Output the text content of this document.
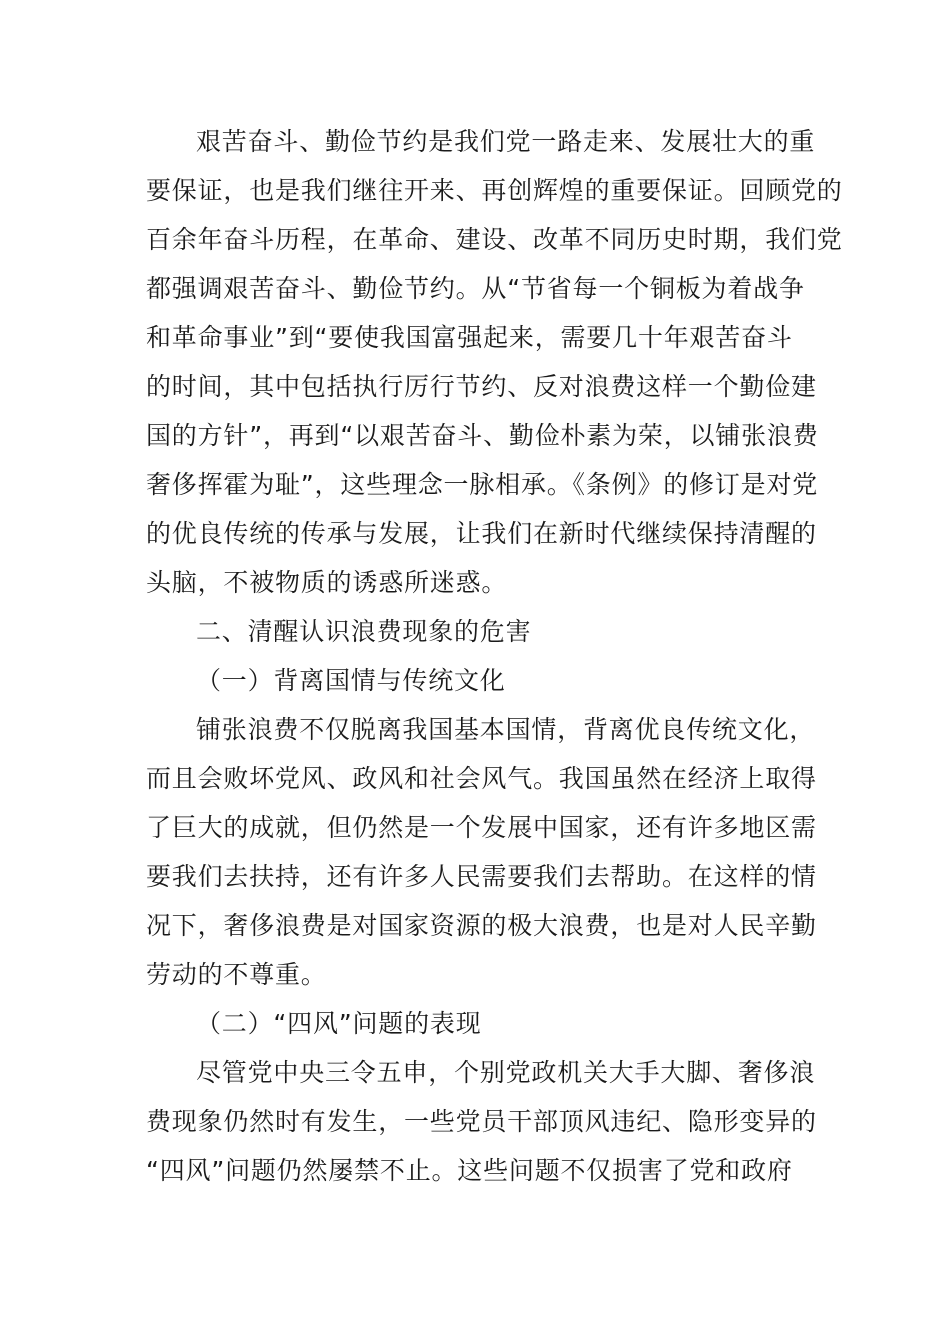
艰苦奋斗、勤俭节约是我们党一路走来、发展壮大的重
要保证，也是我们继往开来、再创辉煌的重要保证。回顾党的
百余年奋斗历程，在革命、建设、改革不同历史时期，我们党
都强调艰苦奋斗、勤俭节约。从“节省每一个铜板为着战争
和革命事业”到“要使我国富强起来，需要几十年艰苦奋斗
的时间，其中包括执行厉行节约、反对浪费这样一个勤俭建
国的方针”，再到“以艰苦奋斗、勤俭朴素为荣，以铺张浪费
奢侈挥霍为耻”，这些理念一脉相承。《条例》的修订是对党
的优良传统的传承与发展，让我们在新时代继续保持清醒的
头脑，不被物质的诱惑所迷惑。
二、清醒认识浪费现象的危害
（一）背离国情与传统文化
铺张浪费不仅脱离我国基本国情，背离优良传统文化，
而且会败坏党风、政风和社会风气。我国虽然在经济上取得
了巨大的成就，但仍然是一个发展中国家，还有许多地区需
要我们去扶持，还有许多人民需要我们去帮助。在这样的情
况下，奢侈浪费是对国家资源的极大浪费，也是对人民辛勤
劳动的不尊重。
（二）“四风”问题的表现
尽管党中央三令五申，个别党政机关大手大脚、奢侈浪
费现象仍然时有发生，一些党员干部顶风违纪、隐形变异的
“四风”问题仍然屡禁不止。这些问题不仅损害了党和政府
